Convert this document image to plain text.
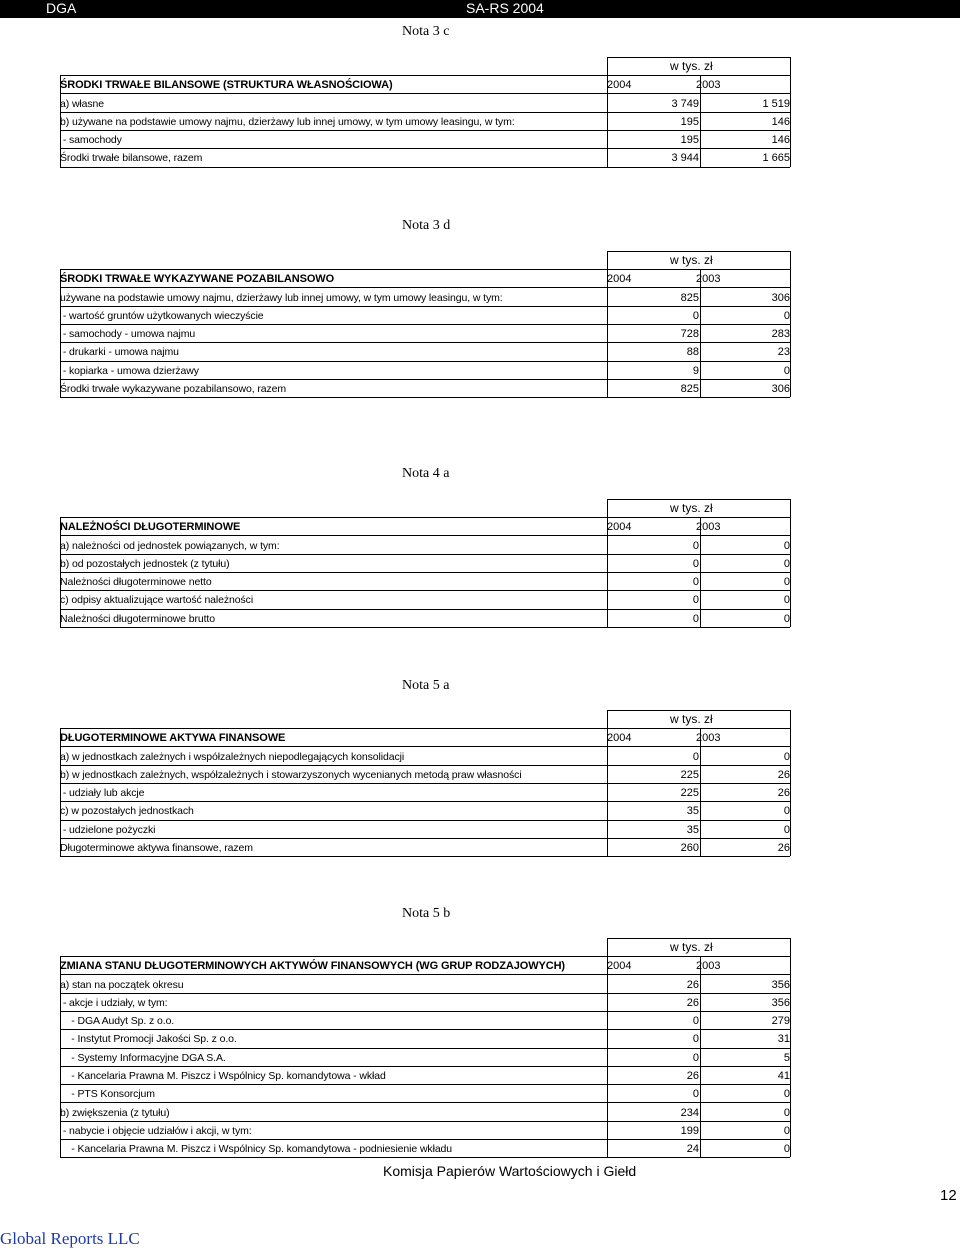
DGA	SA-RS 2004
Nota 3 c
w tys. zł
ŚRODKI TRWAŁE BILANSOWE (STRUKTURA WŁASNOŚCIOWA)	2004	2003
a) własne	3 749	1 519
b) używane na podstawie umowy najmu, dzierżawy lub innej umowy, w tym umowy leasingu, w tym:	195	146
- samochody	195	146
Środki trwałe bilansowe, razem	3 944	1 665
Nota 3 d
w tys. zł
ŚRODKI TRWAŁE WYKAZYWANE POZABILANSOWO	2004	2003
używane na podstawie umowy najmu, dzierżawy lub innej umowy, w tym umowy leasingu, w tym:	825	306
- wartość gruntów użytkowanych wieczyście	0	0
- samochody - umowa najmu	728	283
- drukarki - umowa najmu	88	23
- kopiarka - umowa dzierżawy	9	0
Środki trwałe wykazywane pozabilansowo, razem	825	306
Nota 4 a
w tys. zł
NALEŻNOŚCI DŁUGOTERMINOWE	2004	2003
a) należności od jednostek powiązanych, w tym:	0	0
b) od pozostałych jednostek (z tytułu)	0	0
Należności długoterminowe netto	0	0
c) odpisy aktualizujące wartość należności	0	0
Należności długoterminowe brutto	0	0
Nota 5 a
w tys. zł
DŁUGOTERMINOWE AKTYWA FINANSOWE	2004	2003
a) w jednostkach zależnych i współzależnych niepodlegających konsolidacji	0	0
b) w jednostkach zależnych, współzależnych i stowarzyszonych wycenianych metodą praw własności	225	26
- udziały lub akcje	225	26
c) w pozostałych jednostkach	35	0
- udzielone pożyczki	35	0
Długoterminowe aktywa finansowe, razem	260	26
Nota 5 b
w tys. zł
ZMIANA STANU DŁUGOTERMINOWYCH AKTYWÓW FINANSOWYCH (WG GRUP RODZAJOWYCH)	2004	2003
a) stan na początek okresu	26	356
- akcje i udziały, w tym:	26	356
- DGA Audyt Sp. z o.o.	0	279
- Instytut Promocji Jakości Sp. z o.o.	0	31
- Systemy Informacyjne DGA S.A.	0	5
- Kancelaria Prawna M. Piszcz i Wspólnicy Sp. komandytowa - wkład	26	41
- PTS Konsorcjum	0	0
b) zwiększenia (z tytułu)	234	0
- nabycie i objęcie udziałów i akcji, w tym:	199	0
- Kancelaria Prawna M. Piszcz i Wspólnicy Sp. komandytowa - podniesienie wkładu	24	0
Komisja Papierów Wartościowych i Giełd
12
Global Reports LLC
